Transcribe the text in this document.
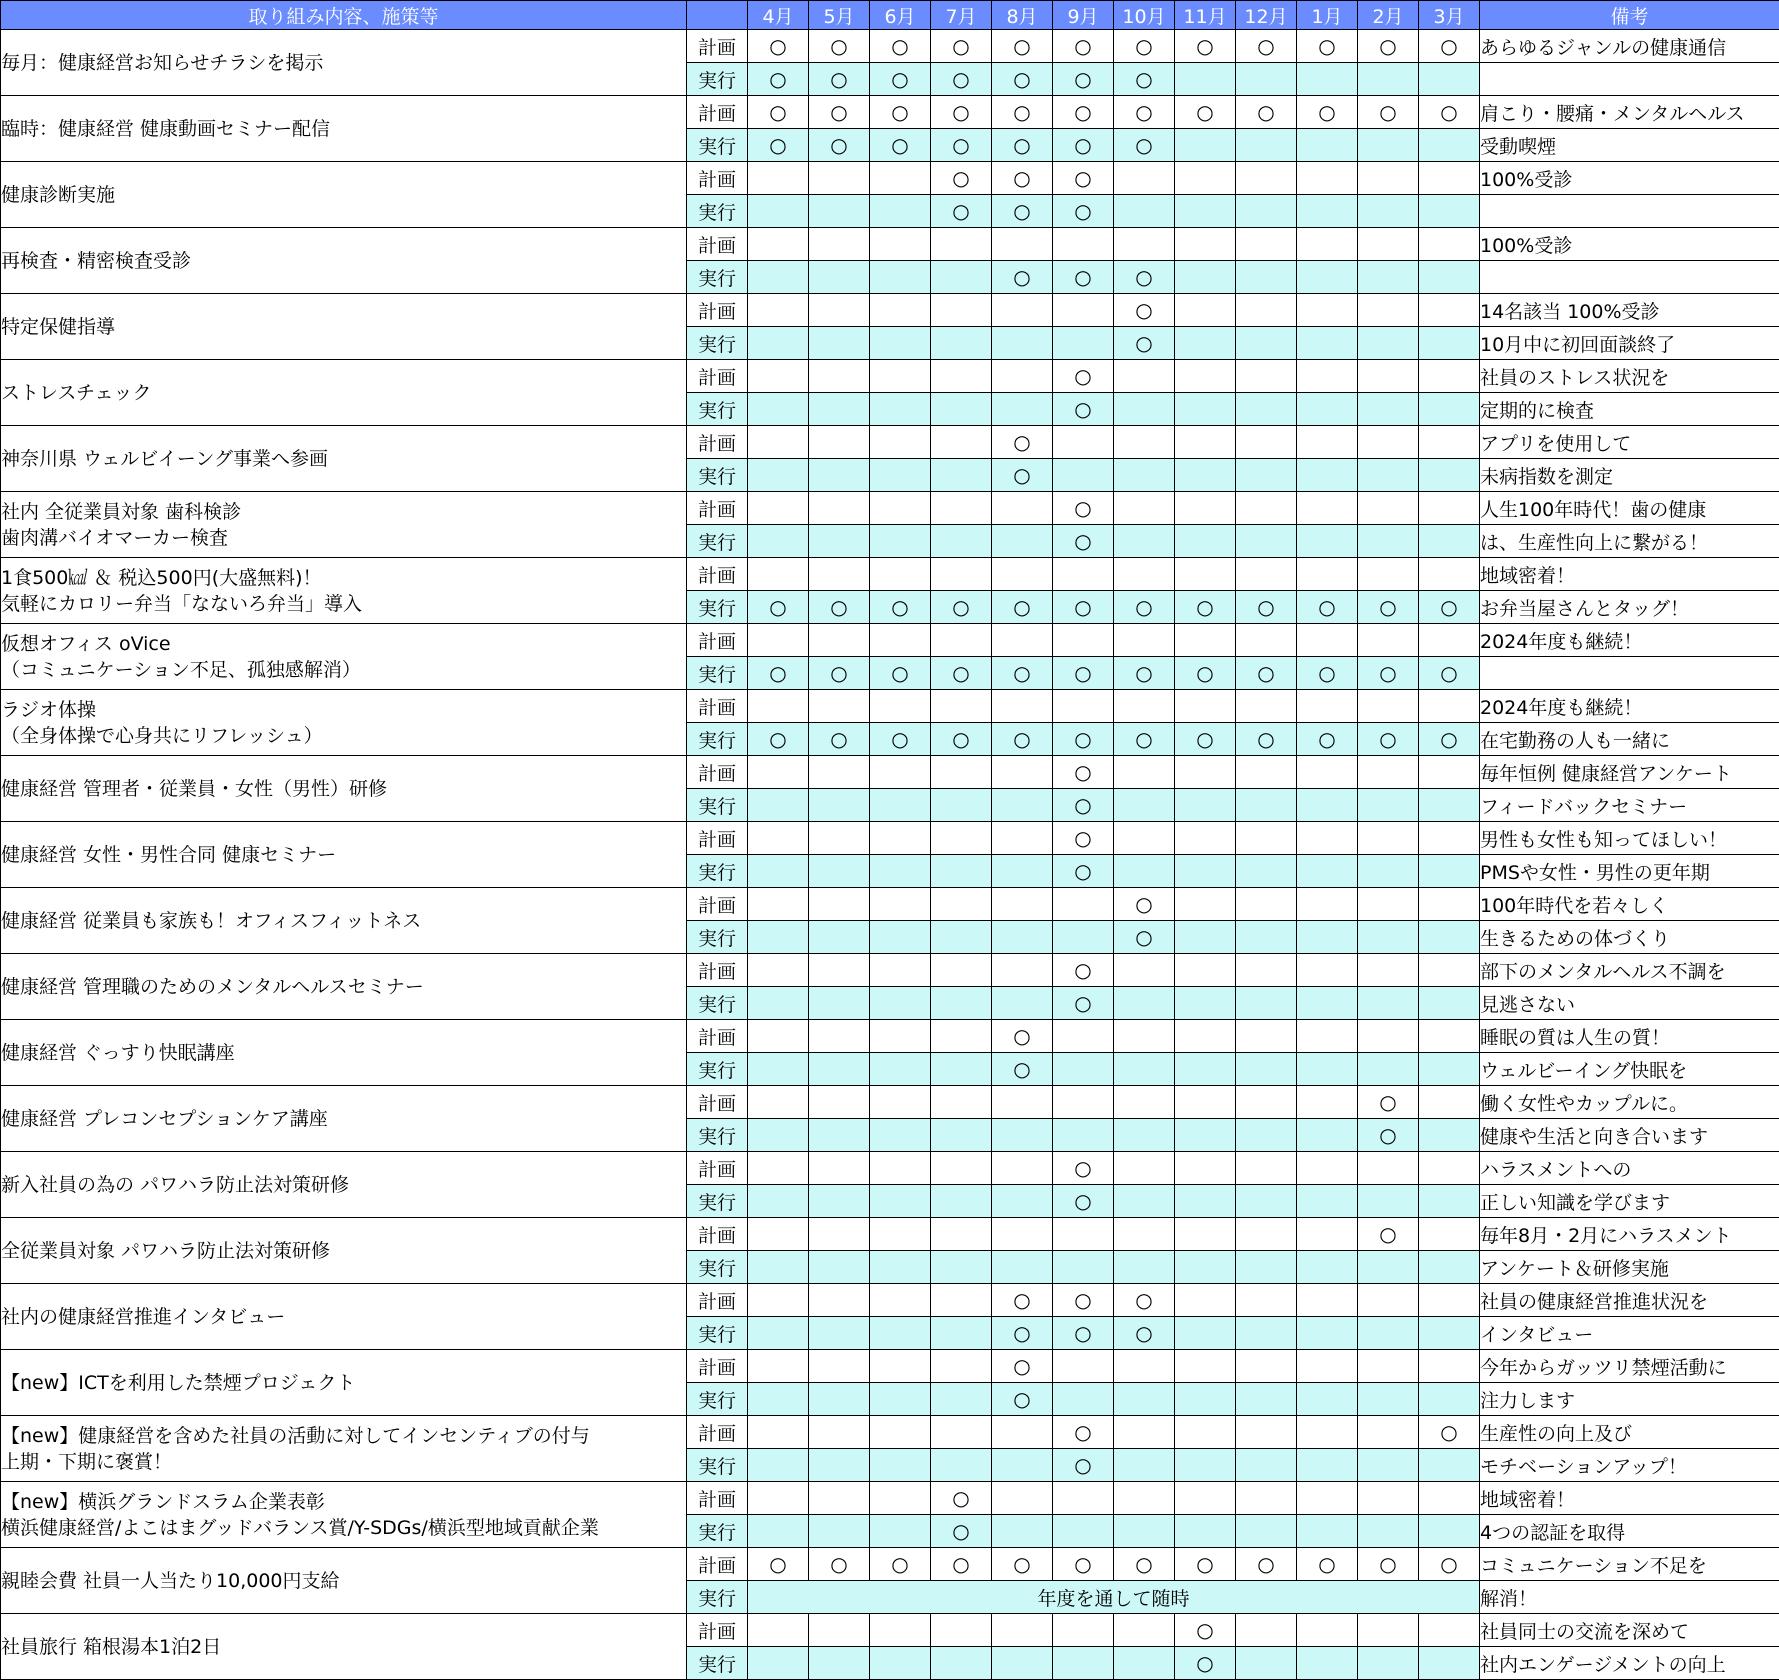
取り組み内容、施策等		4月	5月	6月	7月	8月	9月	10月	11月	12月	1月	2月	3月	備考

毎月：健康経営お知らせチラシを掲示	計画	○	○	○	○	○	○	○	○	○	○	○	○	あらゆるジャンルの健康通信
	実行	○	○	○	○	○	○	○						

臨時：健康経営 健康動画セミナー配信	計画	○	○	○	○	○	○	○	○	○	○	○	○	肩こり・腰痛・メンタルヘルス
	実行	○	○	○	○	○	○	○						受動喫煙

健康診断実施	計画				○	○	○							100%受診
	実行				○	○	○							

再検査・精密検査受診	計画													100%受診
	実行					○	○	○						

特定保健指導	計画							○						14名該当 100%受診
	実行							○						10月中に初回面談終了

ストレスチェック	計画						○							社員のストレス状況を
	実行						○							定期的に検査

神奈川県 ウェルビイーング事業へ参画	計画					○								アプリを使用して
	実行					○								未病指数を測定

社内 全従業員対象 歯科検診
歯肉溝バイオマーカー検査	計画						○							人生100年時代！歯の健康
	実行						○							は、生産性向上に繋がる！

1食500㎉ ＆ 税込500円(大盛無料)！
気軽にカロリー弁当「なないろ弁当」導入	計画													地域密着！
	実行	○	○	○	○	○	○	○	○	○	○	○	○	お弁当屋さんとタッグ！

仮想オフィス oVice
（コミュニケーション不足、孤独感解消）	計画													2024年度も継続！
	実行	○	○	○	○	○	○	○	○	○	○	○	○	

ラジオ体操
（全身体操で心身共にリフレッシュ）	計画													2024年度も継続！
	実行	○	○	○	○	○	○	○	○	○	○	○	○	在宅勤務の人も一緒に

健康経営 管理者・従業員・女性（男性）研修	計画						○							毎年恒例 健康経営アンケート
	実行						○							フィードバックセミナー

健康経営 女性・男性合同 健康セミナー	計画						○							男性も女性も知ってほしい！
	実行						○							PMSや女性・男性の更年期

健康経営 従業員も家族も！オフィスフィットネス	計画							○						100年時代を若々しく
	実行							○						生きるための体づくり

健康経営 管理職のためのメンタルヘルスセミナー	計画						○							部下のメンタルヘルス不調を
	実行						○							見逃さない

健康経営 ぐっすり快眠講座	計画					○								睡眠の質は人生の質！
	実行					○								ウェルビーイング快眠を

健康経営 プレコンセプションケア講座	計画											○		働く女性やカップルに。
	実行											○		健康や生活と向き合います

新入社員の為の パワハラ防止法対策研修	計画						○							ハラスメントへの
	実行						○							正しい知識を学びます

全従業員対象 パワハラ防止法対策研修	計画											○		毎年8月・2月にハラスメント
	実行													アンケート＆研修実施

社内の健康経営推進インタビュー	計画					○	○	○						社員の健康経営推進状況を
	実行					○	○	○						インタビュー

【new】ICTを利用した禁煙プロジェクト	計画					○								今年からガッツリ禁煙活動に
	実行					○								注力します

【new】健康経営を含めた社員の活動に対してインセンティブの付与
上期・下期に褒賞！	計画						○						○	生産性の向上及び
	実行						○							モチベーションアップ！

【new】横浜グランドスラム企業表彰
横浜健康経営/よこはまグッドバランス賞/Y-SDGs/横浜型地域貢献企業	計画				○									地域密着！
	実行				○									4つの認証を取得

親睦会費 社員一人当たり10,000円支給	計画	○	○	○	○	○	○	○	○	○	○	○	○	コミュニケーション不足を
	実行	年度を通して随時												解消！

社員旅行 箱根湯本1泊2日	計画								○					社員同士の交流を深めて
	実行								○					社内エンゲージメントの向上
